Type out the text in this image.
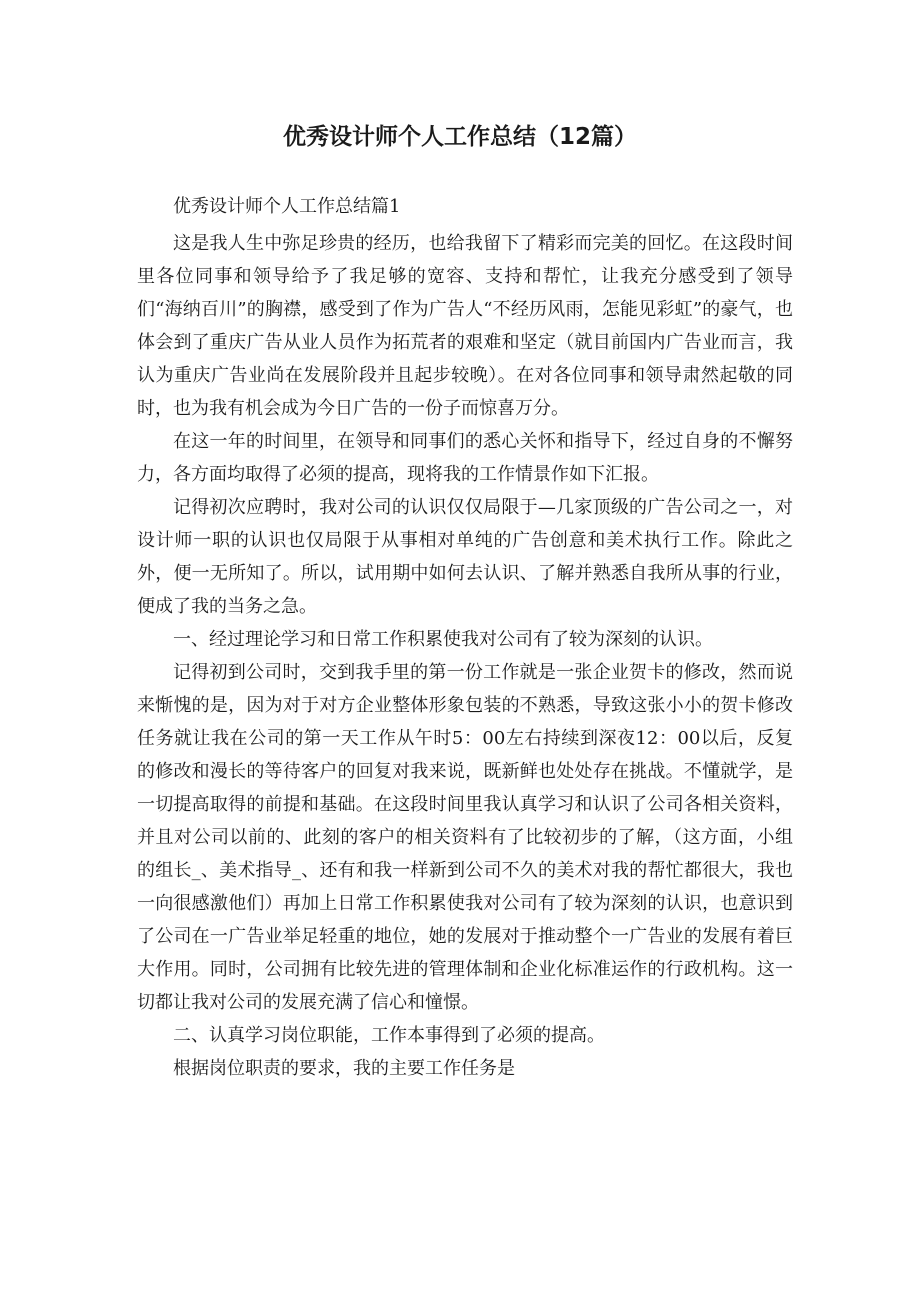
优秀设计师个人工作总结（12篇）

优秀设计师个人工作总结篇1

这是我人生中弥足珍贵的经历，也给我留下了精彩而完美的回忆。在这段时间里各位同事和领导给予了我足够的宽容、支持和帮忙，让我充分感受到了领导们“海纳百川”的胸襟，感受到了作为广告人“不经历风雨，怎能见彩虹”的豪气，也体会到了重庆广告从业人员作为拓荒者的艰难和坚定（就目前国内广告业而言，我认为重庆广告业尚在发展阶段并且起步较晚）。在对各位同事和领导肃然起敬的同时，也为我有机会成为今日广告的一份子而惊喜万分。

在这一年的时间里，在领导和同事们的悉心关怀和指导下，经过自身的不懈努力，各方面均取得了必须的提高，现将我的工作情景作如下汇报。

记得初次应聘时，我对公司的认识仅仅局限于—几家顶级的广告公司之一，对设计师一职的认识也仅局限于从事相对单纯的广告创意和美术执行工作。除此之外，便一无所知了。所以，试用期中如何去认识、了解并熟悉自我所从事的行业，便成了我的当务之急。

一、经过理论学习和日常工作积累使我对公司有了较为深刻的认识。

记得初到公司时，交到我手里的第一份工作就是一张企业贺卡的修改，然而说来惭愧的是，因为对于对方企业整体形象包装的不熟悉，导致这张小小的贺卡修改任务就让我在公司的第一天工作从午时5：00左右持续到深夜12：00以后，反复的修改和漫长的等待客户的回复对我来说，既新鲜也处处存在挑战。不懂就学，是一切提高取得的前提和基础。在这段时间里我认真学习和认识了公司各相关资料，并且对公司以前的、此刻的客户的相关资料有了比较初步的了解，（这方面，小组的组长_、美术指导_、还有和我一样新到公司不久的美术对我的帮忙都很大，我也一向很感激他们）再加上日常工作积累使我对公司有了较为深刻的认识，也意识到了公司在一广告业举足轻重的地位，她的发展对于推动整个一广告业的发展有着巨大作用。同时，公司拥有比较先进的管理体制和企业化标准运作的行政机构。这一切都让我对公司的发展充满了信心和憧憬。

二、认真学习岗位职能，工作本事得到了必须的提高。

根据岗位职责的要求，我的主要工作任务是
